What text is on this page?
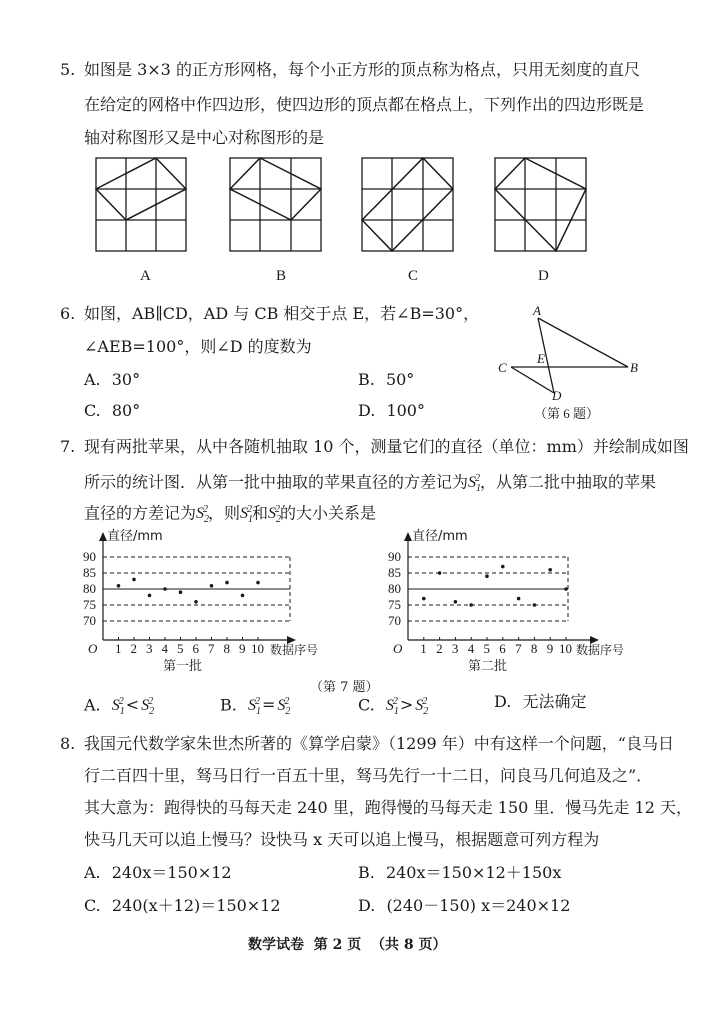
5. 如图是 3×3 的正方形网格，每个小正方形的顶点称为格点，只用无刻度的直尺
在给定的网格中作四边形，使四边形的顶点都在格点上，下列作出的四边形既是
轴对称图形又是中心对称图形的是
A	B	C	D
6. 如图，AB∥CD，AD 与 CB 相交于点 E，若∠B=30°，
∠AEB=100°，则∠D 的度数为
A. 30°	B. 50°
C. 80°	D. 100°
A
B
C
D
E
（第 6 题）
7. 现有两批苹果，从中各随机抽取 10 个，测量它们的直径（单位：mm）并绘制成如图
所示的统计图．从第一批中抽取的苹果直径的方差记为$S_1^2$，从第二批中抽取的苹果
直径的方差记为$S_2^2$，则$S_1^2$和$S_2^2$的大小关系是
70
75
80
85
90
1 2 3 4 5 6 7 8 9 10
直径/mm
数据序号
O
第一批
70
75
80
85
90
1 2 3 4 5 6 7 8 9 10
直径/mm
数据序号
O
第二批
（第 7 题）
A. $S_1^2 < S_2^2$	B. $S_1^2 = S_2^2$	C. $S_1^2 > S_2^2$	D. 无法确定
8. 我国元代数学家朱世杰所著的《算学启蒙》（1299 年）中有这样一个问题，“良马日
行二百四十里，驽马日行一百五十里，驽马先行一十二日，问良马几何追及之”．
其大意为：跑得快的马每天走 240 里，跑得慢的马每天走 150 里．慢马先走 12 天，
快马几天可以追上慢马？设快马 x 天可以追上慢马，根据题意可列方程为
A. 240x＝150×12	B. 240x＝150×12＋150x
C. 240(x＋12)＝150×12	D. (240－150) x＝240×12
数学试卷  第 2 页  （共 8 页）
